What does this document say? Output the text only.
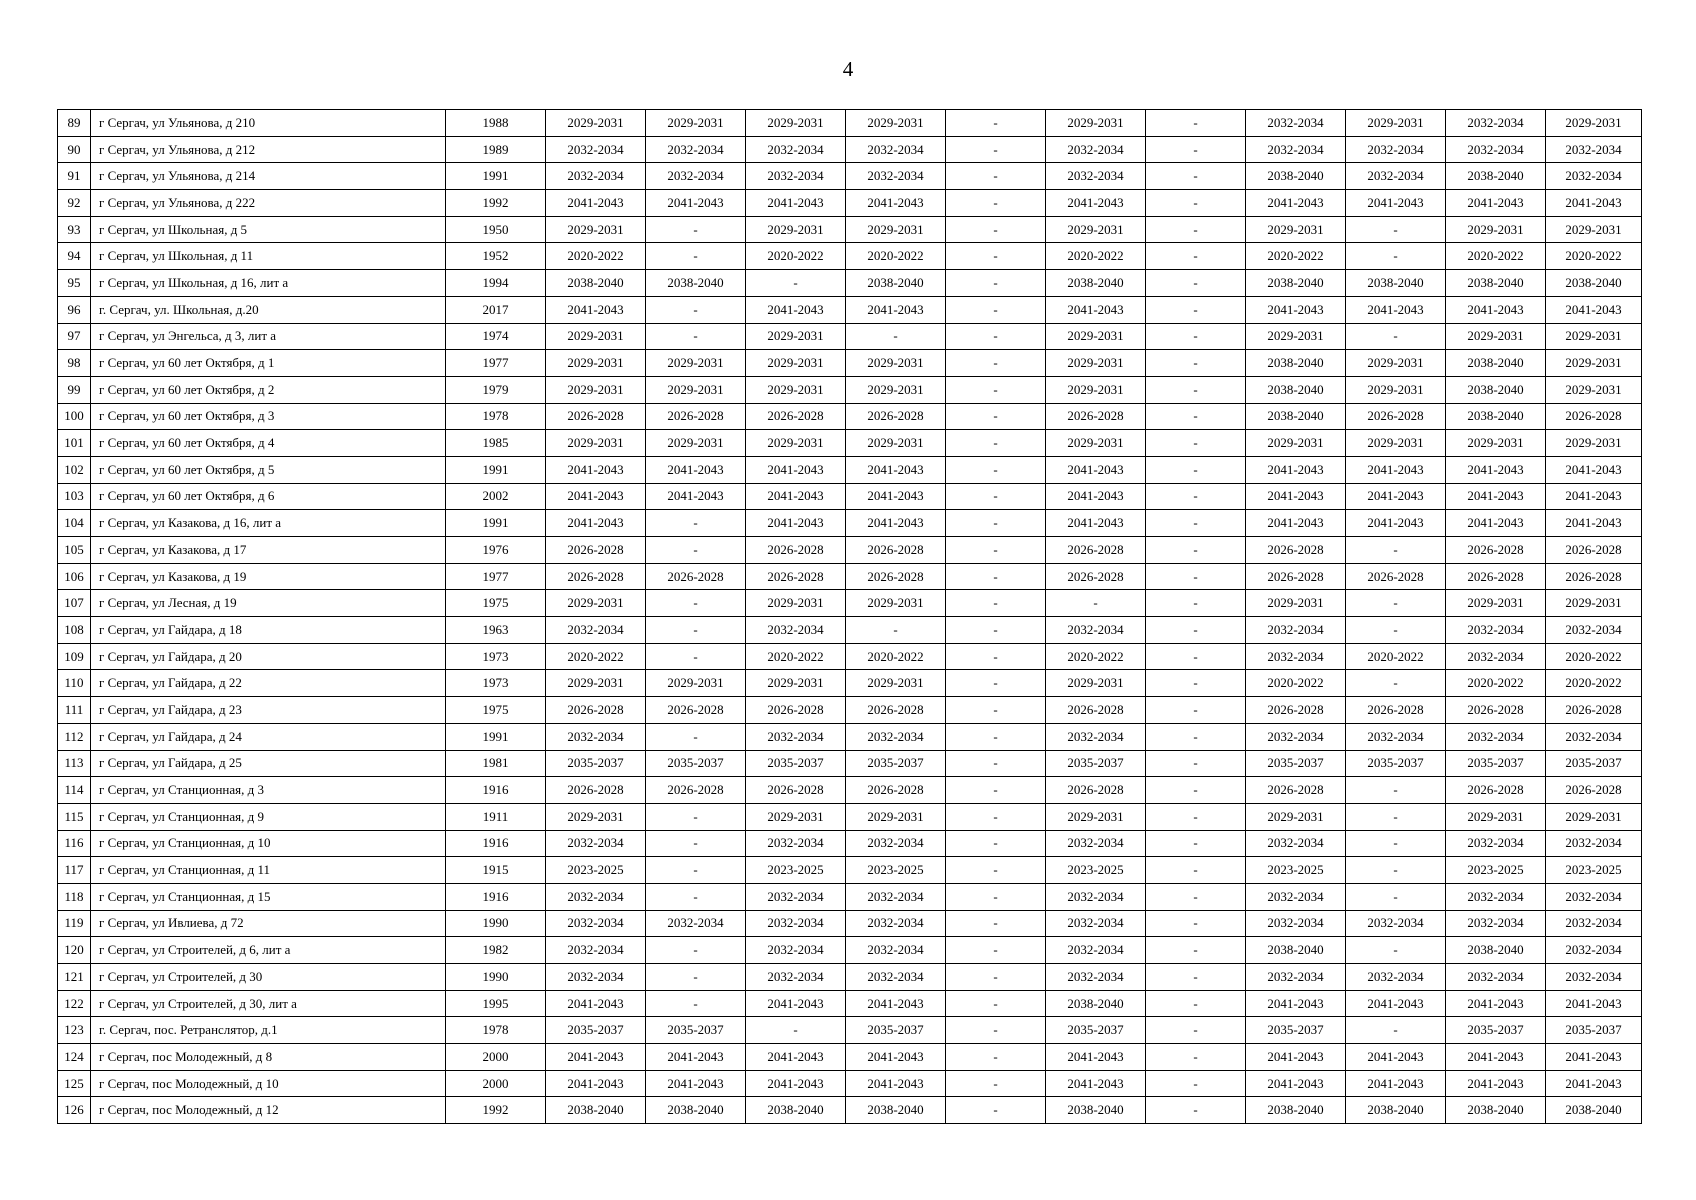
4
89	г Сергач, ул Ульянова, д 210	1988	2029-2031	2029-2031	2029-2031	2029-2031	-	2029-2031	-	2032-2034	2029-2031	2032-2034	2029-2031
90	г Сергач, ул Ульянова, д 212	1989	2032-2034	2032-2034	2032-2034	2032-2034	-	2032-2034	-	2032-2034	2032-2034	2032-2034	2032-2034
91	г Сергач, ул Ульянова, д 214	1991	2032-2034	2032-2034	2032-2034	2032-2034	-	2032-2034	-	2038-2040	2032-2034	2038-2040	2032-2034
92	г Сергач, ул Ульянова, д 222	1992	2041-2043	2041-2043	2041-2043	2041-2043	-	2041-2043	-	2041-2043	2041-2043	2041-2043	2041-2043
93	г Сергач, ул Школьная, д 5	1950	2029-2031	-	2029-2031	2029-2031	-	2029-2031	-	2029-2031	-	2029-2031	2029-2031
94	г Сергач, ул Школьная, д 11	1952	2020-2022	-	2020-2022	2020-2022	-	2020-2022	-	2020-2022	-	2020-2022	2020-2022
95	г Сергач, ул Школьная, д 16, лит а	1994	2038-2040	2038-2040	-	2038-2040	-	2038-2040	-	2038-2040	2038-2040	2038-2040	2038-2040
96	г. Сергач, ул. Школьная, д.20	2017	2041-2043	-	2041-2043	2041-2043	-	2041-2043	-	2041-2043	2041-2043	2041-2043	2041-2043
97	г Сергач, ул Энгельса, д 3, лит а	1974	2029-2031	-	2029-2031	-	-	2029-2031	-	2029-2031	-	2029-2031	2029-2031
98	г Сергач, ул 60 лет Октября, д 1	1977	2029-2031	2029-2031	2029-2031	2029-2031	-	2029-2031	-	2038-2040	2029-2031	2038-2040	2029-2031
99	г Сергач, ул 60 лет Октября, д 2	1979	2029-2031	2029-2031	2029-2031	2029-2031	-	2029-2031	-	2038-2040	2029-2031	2038-2040	2029-2031
100	г Сергач, ул 60 лет Октября, д 3	1978	2026-2028	2026-2028	2026-2028	2026-2028	-	2026-2028	-	2038-2040	2026-2028	2038-2040	2026-2028
101	г Сергач, ул 60 лет Октября, д 4	1985	2029-2031	2029-2031	2029-2031	2029-2031	-	2029-2031	-	2029-2031	2029-2031	2029-2031	2029-2031
102	г Сергач, ул 60 лет Октября, д 5	1991	2041-2043	2041-2043	2041-2043	2041-2043	-	2041-2043	-	2041-2043	2041-2043	2041-2043	2041-2043
103	г Сергач, ул 60 лет Октября, д 6	2002	2041-2043	2041-2043	2041-2043	2041-2043	-	2041-2043	-	2041-2043	2041-2043	2041-2043	2041-2043
104	г Сергач, ул Казакова, д 16, лит а	1991	2041-2043	-	2041-2043	2041-2043	-	2041-2043	-	2041-2043	2041-2043	2041-2043	2041-2043
105	г Сергач, ул Казакова, д 17	1976	2026-2028	-	2026-2028	2026-2028	-	2026-2028	-	2026-2028	-	2026-2028	2026-2028
106	г Сергач, ул Казакова, д 19	1977	2026-2028	2026-2028	2026-2028	2026-2028	-	2026-2028	-	2026-2028	2026-2028	2026-2028	2026-2028
107	г Сергач, ул Лесная, д 19	1975	2029-2031	-	2029-2031	2029-2031	-	-	-	2029-2031	-	2029-2031	2029-2031
108	г Сергач, ул Гайдара, д 18	1963	2032-2034	-	2032-2034	-	-	2032-2034	-	2032-2034	-	2032-2034	2032-2034
109	г Сергач, ул Гайдара, д 20	1973	2020-2022	-	2020-2022	2020-2022	-	2020-2022	-	2032-2034	2020-2022	2032-2034	2020-2022
110	г Сергач, ул Гайдара, д 22	1973	2029-2031	2029-2031	2029-2031	2029-2031	-	2029-2031	-	2020-2022	-	2020-2022	2020-2022
111	г Сергач, ул Гайдара, д 23	1975	2026-2028	2026-2028	2026-2028	2026-2028	-	2026-2028	-	2026-2028	2026-2028	2026-2028	2026-2028
112	г Сергач, ул Гайдара, д 24	1991	2032-2034	-	2032-2034	2032-2034	-	2032-2034	-	2032-2034	2032-2034	2032-2034	2032-2034
113	г Сергач, ул Гайдара, д 25	1981	2035-2037	2035-2037	2035-2037	2035-2037	-	2035-2037	-	2035-2037	2035-2037	2035-2037	2035-2037
114	г Сергач, ул Станционная, д 3	1916	2026-2028	2026-2028	2026-2028	2026-2028	-	2026-2028	-	2026-2028	-	2026-2028	2026-2028
115	г Сергач, ул Станционная, д 9	1911	2029-2031	-	2029-2031	2029-2031	-	2029-2031	-	2029-2031	-	2029-2031	2029-2031
116	г Сергач, ул Станционная, д 10	1916	2032-2034	-	2032-2034	2032-2034	-	2032-2034	-	2032-2034	-	2032-2034	2032-2034
117	г Сергач, ул Станционная, д 11	1915	2023-2025	-	2023-2025	2023-2025	-	2023-2025	-	2023-2025	-	2023-2025	2023-2025
118	г Сергач, ул Станционная, д 15	1916	2032-2034	-	2032-2034	2032-2034	-	2032-2034	-	2032-2034	-	2032-2034	2032-2034
119	г Сергач, ул Ивлиева, д 72	1990	2032-2034	2032-2034	2032-2034	2032-2034	-	2032-2034	-	2032-2034	2032-2034	2032-2034	2032-2034
120	г Сергач, ул Строителей, д 6, лит а	1982	2032-2034	-	2032-2034	2032-2034	-	2032-2034	-	2038-2040	-	2038-2040	2032-2034
121	г Сергач, ул Строителей, д 30	1990	2032-2034	-	2032-2034	2032-2034	-	2032-2034	-	2032-2034	2032-2034	2032-2034	2032-2034
122	г Сергач, ул Строителей, д 30, лит а	1995	2041-2043	-	2041-2043	2041-2043	-	2038-2040	-	2041-2043	2041-2043	2041-2043	2041-2043
123	г. Сергач, пос. Ретранслятор, д.1	1978	2035-2037	2035-2037	-	2035-2037	-	2035-2037	-	2035-2037	-	2035-2037	2035-2037
124	г Сергач, пос Молодежный, д 8	2000	2041-2043	2041-2043	2041-2043	2041-2043	-	2041-2043	-	2041-2043	2041-2043	2041-2043	2041-2043
125	г Сергач, пос Молодежный, д 10	2000	2041-2043	2041-2043	2041-2043	2041-2043	-	2041-2043	-	2041-2043	2041-2043	2041-2043	2041-2043
126	г Сергач, пос Молодежный, д 12	1992	2038-2040	2038-2040	2038-2040	2038-2040	-	2038-2040	-	2038-2040	2038-2040	2038-2040	2038-2040
